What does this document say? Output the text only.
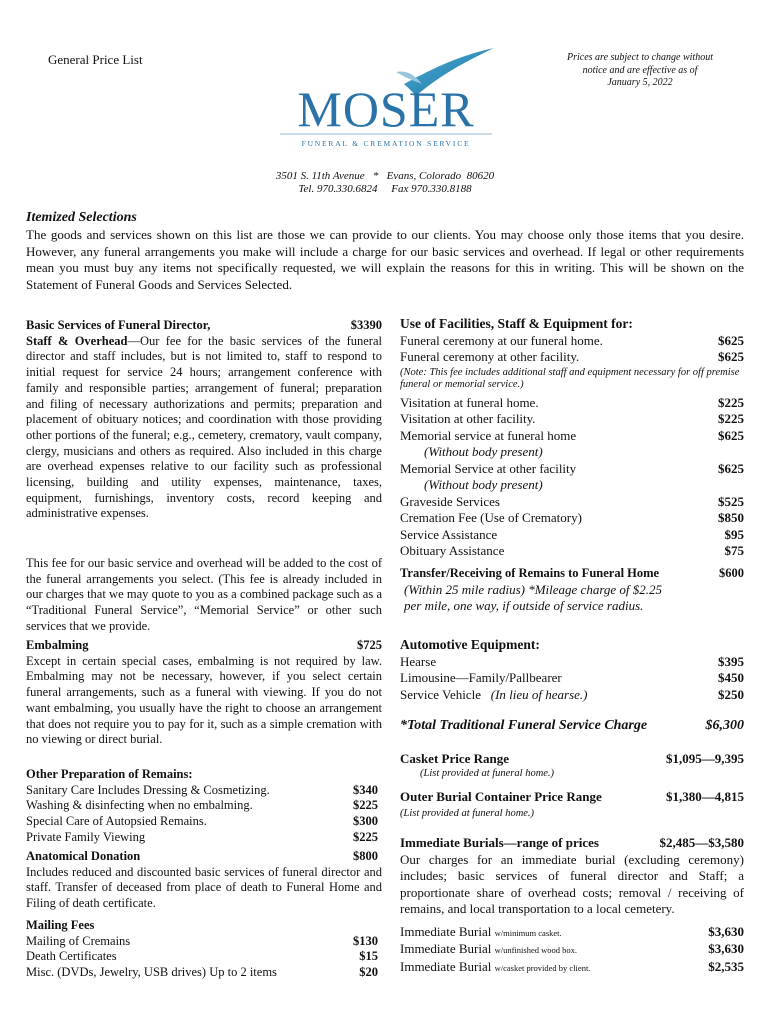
General Price List	Prices are subject to change without
notice and are effective as of
January 5, 2022
MOSER
FUNERAL & CREMATION SERVICE
3501 S. 11th Avenue   *   Evans, Colorado  80620
Tel. 970.330.6824     Fax 970.330.8188
Itemized Selections
The goods and services shown on this list are those we can provide to our clients. You may choose only those items that you desire. However, any funeral arrangements you make will include a charge for our basic services and overhead. If legal or other requirements mean you must buy any items not specifically requested, we will explain the reasons for this in writing. This will be shown on the Statement of Funeral Goods and Services Selected.
Basic Services of Funeral Director,	$3390
Staff & Overhead—Our fee for the basic services of the funeral director and staff includes, but is not limited to, staff to respond to initial request for service 24 hours; arrangement conference with family and responsible parties; arrangement of funeral; preparation and filing of necessary authorizations and permits; preparation and placement of obituary notices; and coordination with those providing other portions of the funeral; e.g., cemetery, crematory, vault company, clergy, musicians and others as required. Also included in this charge are overhead expenses relative to our facility such as professional licensing, building and utility expenses, maintenance, taxes, equipment, furnishings, inventory costs, record keeping and administrative expenses.
This fee for our basic service and overhead will be added to the cost of the funeral arrangements you select. (This fee is already included in our charges that we may quote to you as a combined package such as a “Traditional Funeral Service”, “Memorial Service” or other such services that we provide.
Embalming	$725
Except in certain special cases, embalming is not required by law. Embalming may not be necessary, however, if you select certain funeral arrangements, such as a funeral with viewing. If you do not want embalming, you usually have the right to choose an arrangement that does not require you to pay for it, such as a simple cremation with no viewing or direct burial.
Other Preparation of Remains:
Sanitary Care Includes Dressing & Cosmetizing.	$340
Washing & disinfecting when no embalming.	$225
Special Care of Autopsied Remains.	$300
Private Family Viewing	$225
Anatomical Donation	$800
Includes reduced and discounted basic services of funeral director and staff. Transfer of deceased from place of death to Funeral Home and Filing of death certificate.
Mailing Fees
Mailing of Cremains	$130
Death Certificates	$15
Misc. (DVDs, Jewelry, USB drives) Up to 2 items	$20
Use of Facilities, Staff & Equipment for:
Funeral ceremony at our funeral home.	$625
Funeral ceremony at other facility.	$625
(Note: This fee includes additional staff and equipment necessary for off premise funeral or memorial service.)
Visitation at funeral home.	$225
Visitation at other facility.	$225
Memorial service at funeral home	$625
(Without body present)
Memorial Service at other facility	$625
(Without body present)
Graveside Services	$525
Cremation Fee (Use of Crematory)	$850
Service Assistance	$95
Obituary Assistance	$75
Transfer/Receiving of Remains to Funeral Home	$600
(Within 25 mile radius) *Mileage charge of $2.25 per mile, one way, if outside of service radius.
Automotive Equipment:
Hearse	$395
Limousine—Family/Pallbearer	$450
Service Vehicle (In lieu of hearse.)	$250
*Total Traditional Funeral Service Charge	$6,300
Casket Price Range	$1,095—9,395
(List provided at funeral home.)
Outer Burial Container Price Range	$1,380—4,815
(List provided at funeral home.)
Immediate Burials—range of prices	$2,485—$3,580
Our charges for an immediate burial (excluding ceremony) includes; basic services of funeral director and Staff; a proportionate share of overhead costs; removal / receiving of remains, and local transportation to a local cemetery.
Immediate Burial w/minimum casket.	$3,630
Immediate Burial w/unfinished wood box.	$3,630
Immediate Burial w/casket provided by client.	$2,535
